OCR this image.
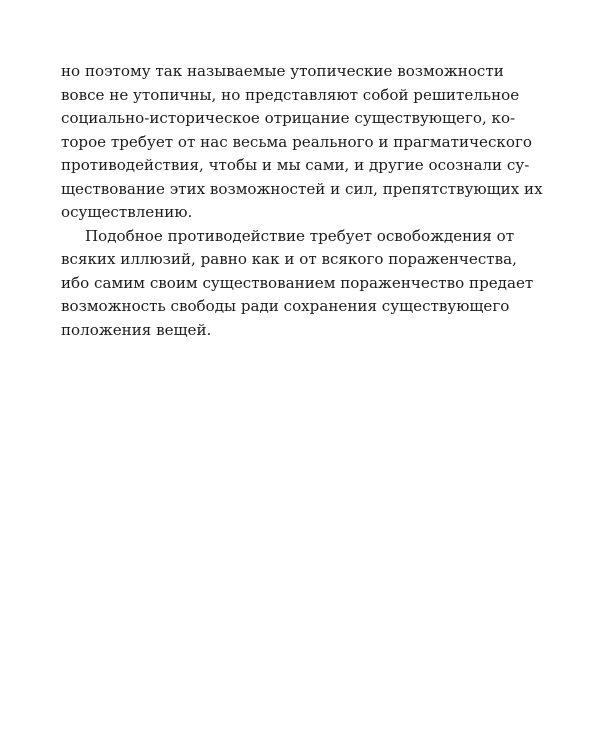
но поэтому так называемые утопические возможности
вовсе не утопичны, но представляют собой решительное
социально-историческое отрицание существующего, ко-
торое требует от нас весьма реального и прагматического
противодействия, чтобы и мы сами, и другие осознали су-
ществование этих возможностей и сил, препятствующих их
осуществлению.
Подобное противодействие требует освобождения от
всяких иллюзий, равно как и от всякого пораженчества,
ибо самим своим существованием пораженчество предает
возможность свободы ради сохранения существующего
положения вещей.
